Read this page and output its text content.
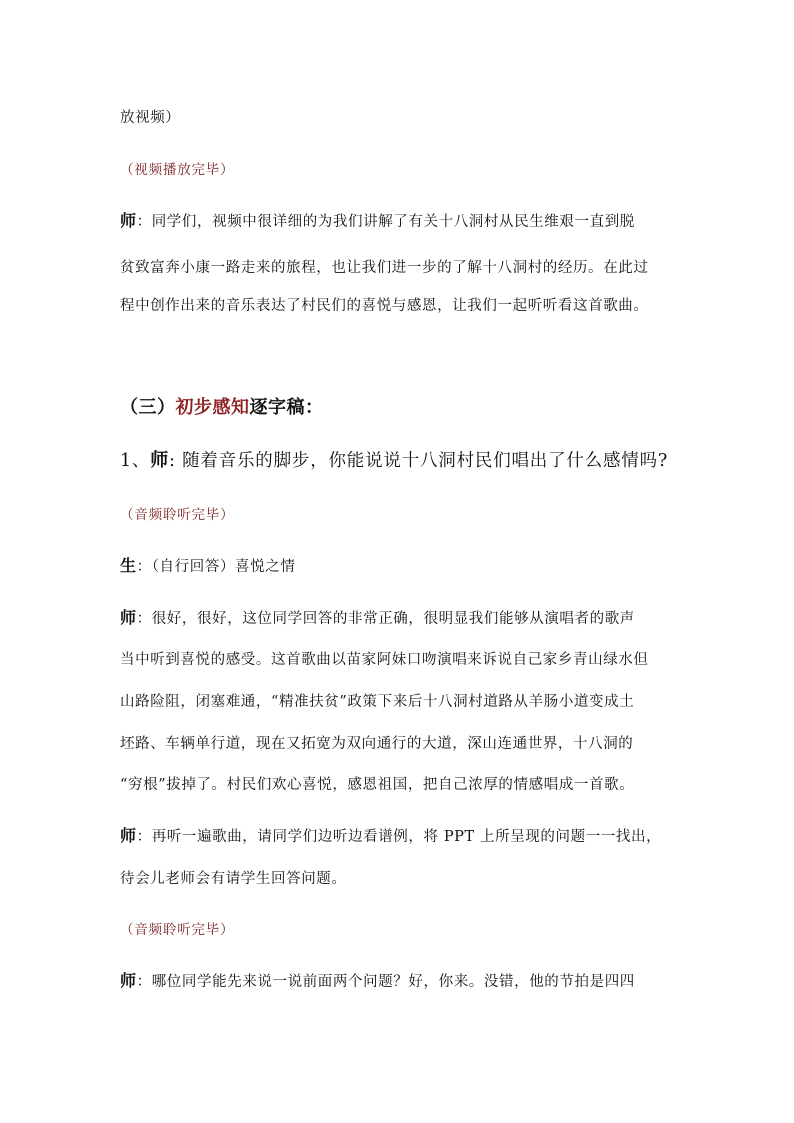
放视频）
（视频播放完毕）
师：同学们，视频中很详细的为我们讲解了有关十八洞村从民生维艰一直到脱
贫致富奔小康一路走来的旅程，也让我们进一步的了解十八洞村的经历。在此过
程中创作出来的音乐表达了村民们的喜悦与感恩，让我们一起听听看这首歌曲。
（三）初步感知逐字稿：
1、师: 随着音乐的脚步，你能说说十八洞村民们唱出了什么感情吗?
（音频聆听完毕）
生：（自行回答）喜悦之情
师：很好，很好，这位同学回答的非常正确，很明显我们能够从演唱者的歌声
当中听到喜悦的感受。这首歌曲以苗家阿妹口吻演唱来诉说自己家乡青山绿水但
山路险阻，闭塞难通，“精准扶贫”政策下来后十八洞村道路从羊肠小道变成土
坯路、车辆单行道，现在又拓宽为双向通行的大道，深山连通世界，十八洞的
“穷根”拔掉了。村民们欢心喜悦，感恩祖国，把自己浓厚的情感唱成一首歌。
师：再听一遍歌曲，请同学们边听边看谱例，将 PPT 上所呈现的问题一一找出，
待会儿老师会有请学生回答问题。
（音频聆听完毕）
师：哪位同学能先来说一说前面两个问题？好，你来。没错，他的节拍是四四
